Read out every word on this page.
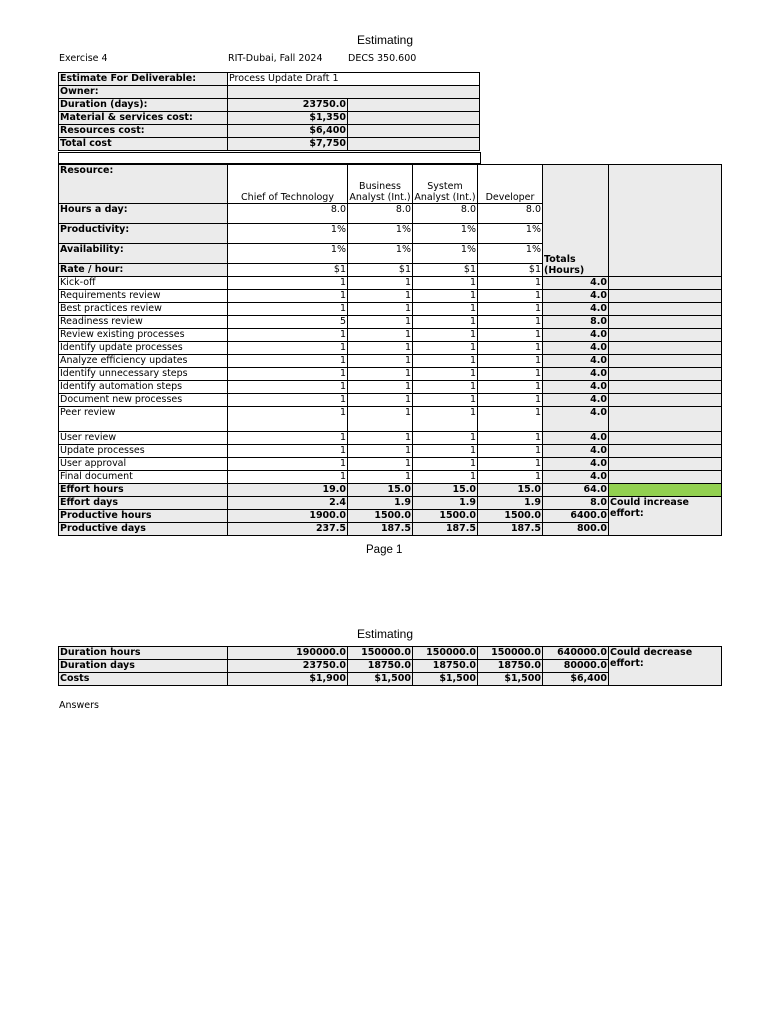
Estimating
Exercise 4	RIT-Dubai, Fall 2024	DECS 350.600
Estimate For Deliverable:	Process Update Draft 1	
Owner:		
Duration (days):	23750.0	
Material & services cost:	$1,350	
Resources cost:	$6,400	
Total cost	$7,750	
Resource:	Chief of Technology	Business Analyst (Int.)	System Analyst (Int.)	Developer	Totals (Hours)	

Hours a day:	8.0	8.0	8.0	8.0		
Productivity:	1%	1%	1%	1%		
Availability:	1%	1%	1%	1%		
Rate / hour:	$1	$1	$1	$1		
Kick-off	1	1	1	1	4.0	
Requirements review	1	1	1	1	4.0	
Best practices review	1	1	1	1	4.0	
Readiness review	5	1	1	1	8.0	
Review existing processes	1	1	1	1	4.0	
Identify update processes	1	1	1	1	4.0	
Analyze efficiency updates	1	1	1	1	4.0	
Identify unnecessary steps	1	1	1	1	4.0	
Identify automation steps	1	1	1	1	4.0	
Document new processes	1	1	1	1	4.0	
Peer review	1	1	1	1	4.0	
User review	1	1	1	1	4.0	
Update processes	1	1	1	1	4.0	
User approval	1	1	1	1	4.0	
Final document	1	1	1	1	4.0	
Effort hours	19.0	15.0	15.0	15.0	64.0	
Effort days	2.4	1.9	1.9	1.9	8.0	Could increase effort:
Productive hours	1900.0	1500.0	1500.0	1500.0	6400.0	
Productive days	237.5	187.5	187.5	187.5	800.0	
Page 1
Estimating
Duration hours	190000.0	150000.0	150000.0	150000.0	640000.0	Could decrease effort:
Duration days	23750.0	18750.0	18750.0	18750.0	80000.0	
Costs	$1,900	$1,500	$1,500	$1,500	$6,400	
Answers
